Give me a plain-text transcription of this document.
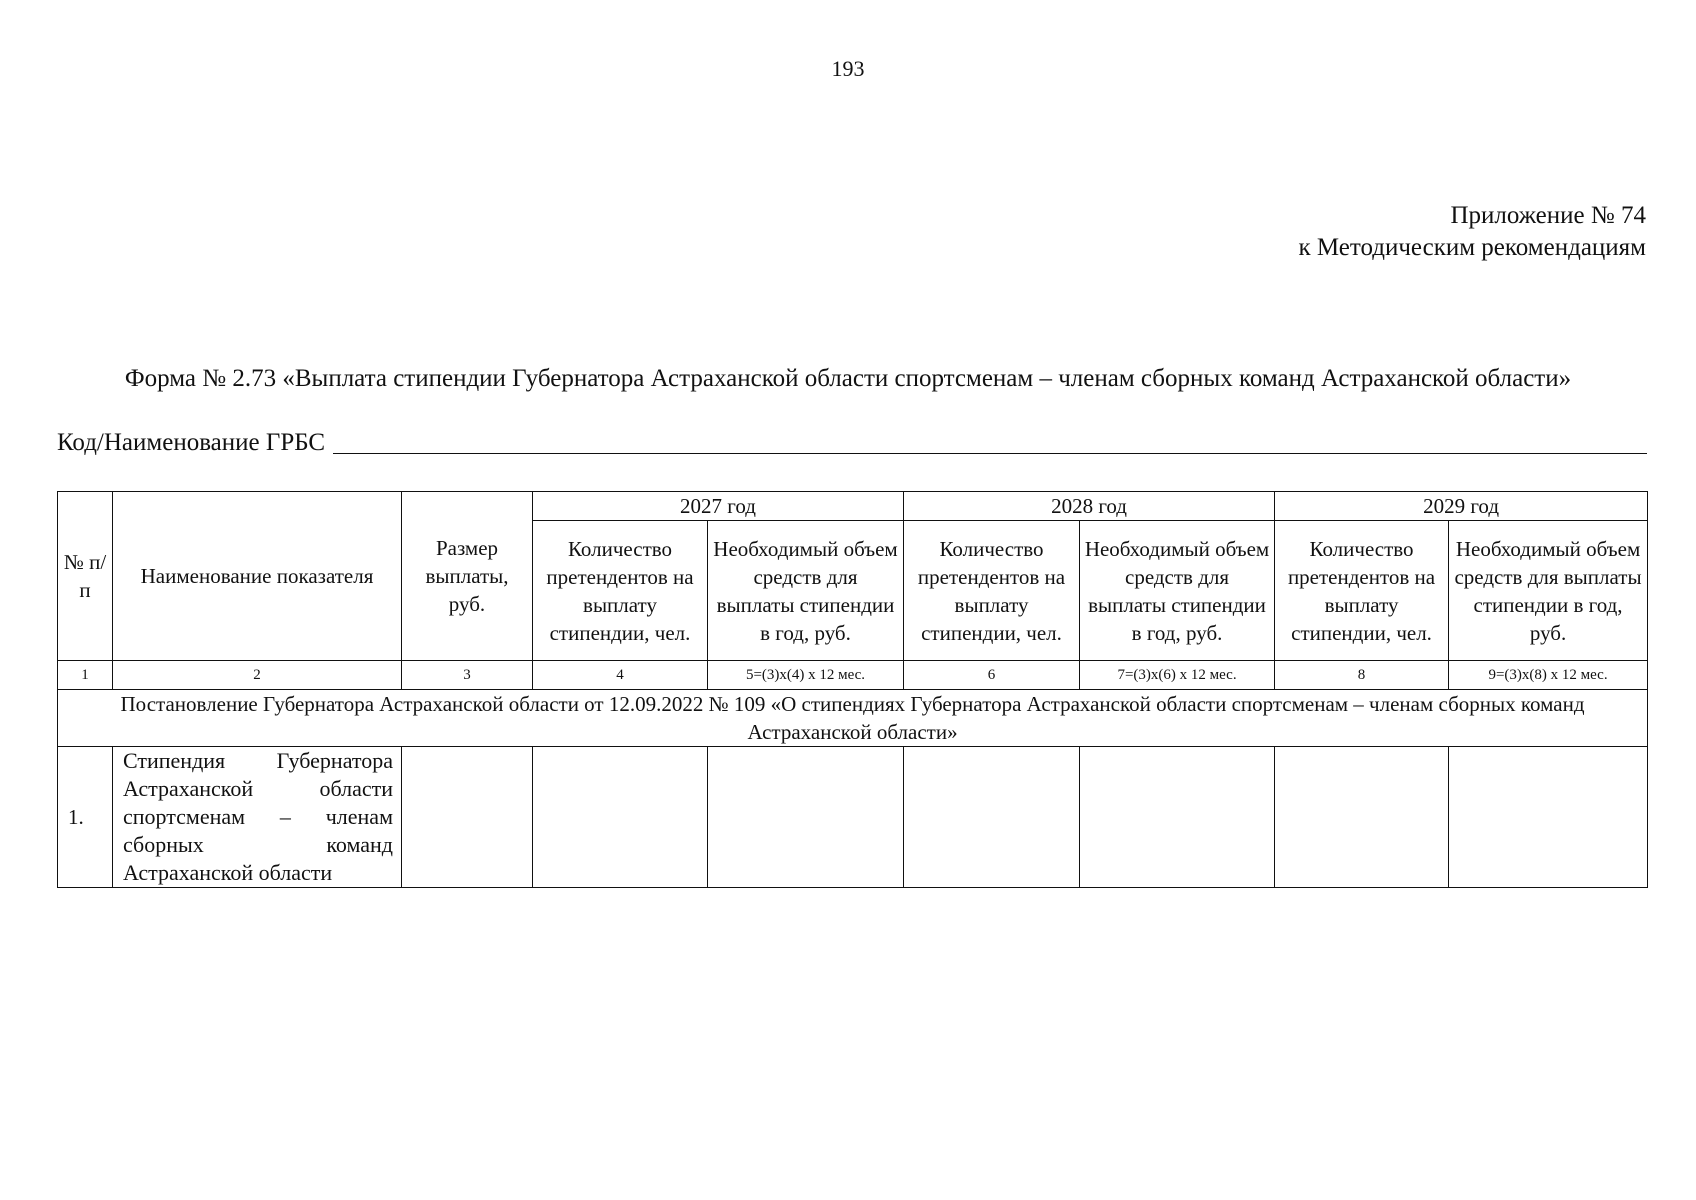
193
Приложение № 74
к Методическим рекомендациям
Форма № 2.73 «Выплата стипендии Губернатора Астраханской области спортсменам – членам сборных команд Астраханской области»
Код/Наименование ГРБС
№ п/п	Наименование показателя	Размер выплаты, руб.	2027 год		2028 год		2029 год	
			Количество претендентов на выплату стипендии, чел.	Необходимый объем средств для выплаты стипендии в год, руб.	Количество претендентов на выплату стипендии, чел.	Необходимый объем средств для выплаты стипендии в год, руб.	Количество претендентов на выплату стипендии, чел.	Необходимый объем средств для выплаты стипендии в год, руб.
1	2	3	4	5=(3)х(4) х 12 мес.	6	7=(3)х(6) х 12 мес.	8	9=(3)х(8) х 12 мес.
Постановление Губернатора Астраханской области от 12.09.2022 № 109 «О стипендиях Губернатора Астраханской области спортсменам – членам сборных команд Астраханской области»								
1.	Стипендия Губернатора Астраханской области спортсменам – членам сборных команд Астраханской области							
